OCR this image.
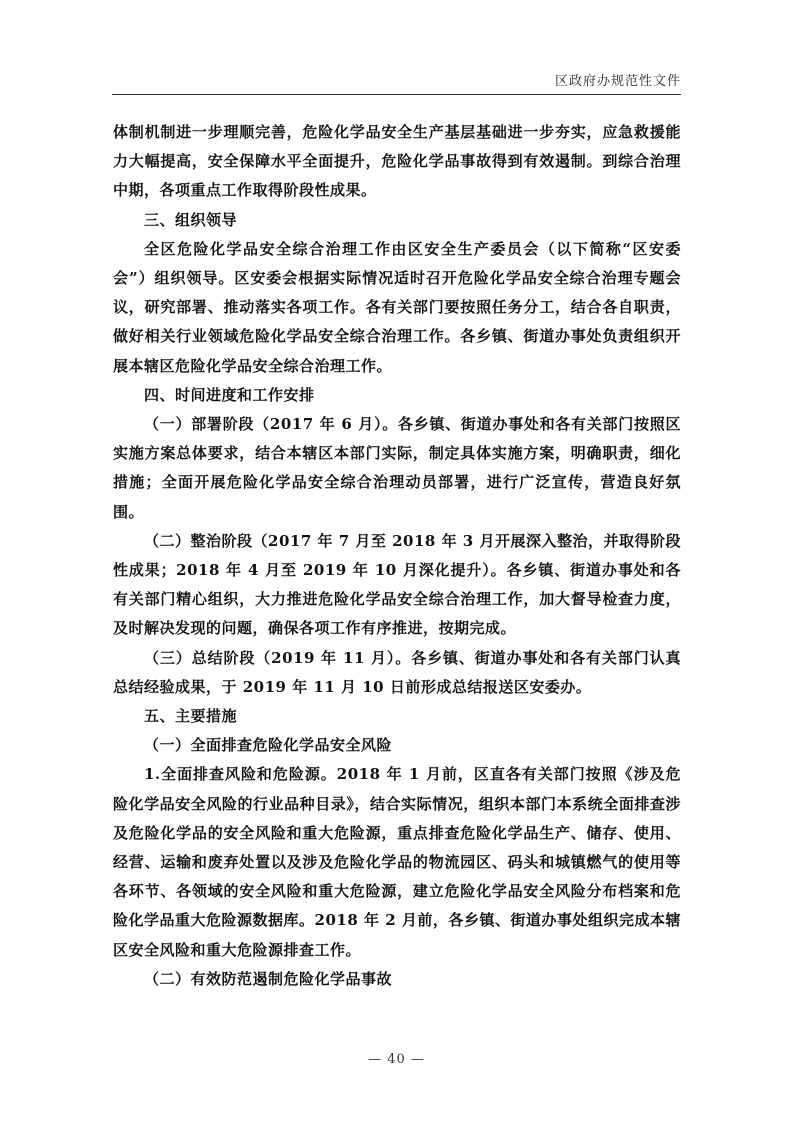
区政府办规范性文件

体制机制进一步理顺完善，危险化学品安全生产基层基础进一步夯实，应急救援能力大幅提高，安全保障水平全面提升，危险化学品事故得到有效遏制。到综合治理中期，各项重点工作取得阶段性成果。

三、组织领导

全区危险化学品安全综合治理工作由区安全生产委员会（以下简称“区安委会”）组织领导。区安委会根据实际情况适时召开危险化学品安全综合治理专题会议，研究部署、推动落实各项工作。各有关部门要按照任务分工，结合各自职责，做好相关行业领域危险化学品安全综合治理工作。各乡镇、街道办事处负责组织开展本辖区危险化学品安全综合治理工作。

四、时间进度和工作安排

（一）部署阶段（2017 年 6 月）。各乡镇、街道办事处和各有关部门按照区实施方案总体要求，结合本辖区本部门实际，制定具体实施方案，明确职责，细化措施；全面开展危险化学品安全综合治理动员部署，进行广泛宣传，营造良好氛围。

（二）整治阶段（2017 年 7 月至 2018 年 3 月开展深入整治，并取得阶段性成果；2018 年 4 月至 2019 年 10 月深化提升）。各乡镇、街道办事处和各有关部门精心组织，大力推进危险化学品安全综合治理工作，加大督导检查力度，及时解决发现的问题，确保各项工作有序推进，按期完成。

（三）总结阶段（2019 年 11 月）。各乡镇、街道办事处和各有关部门认真总结经验成果，于 2019 年 11 月 10 日前形成总结报送区安委办。

五、主要措施

（一）全面排查危险化学品安全风险

1.全面排查风险和危险源。2018 年 1 月前，区直各有关部门按照《涉及危险化学品安全风险的行业品种目录》，结合实际情况，组织本部门本系统全面排查涉及危险化学品的安全风险和重大危险源，重点排查危险化学品生产、储存、使用、经营、运输和废弃处置以及涉及危险化学品的物流园区、码头和城镇燃气的使用等各环节、各领域的安全风险和重大危险源，建立危险化学品安全风险分布档案和危险化学品重大危险源数据库。2018 年 2 月前，各乡镇、街道办事处组织完成本辖区安全风险和重大危险源排查工作。

（二）有效防范遏制危险化学品事故

— 40 —
